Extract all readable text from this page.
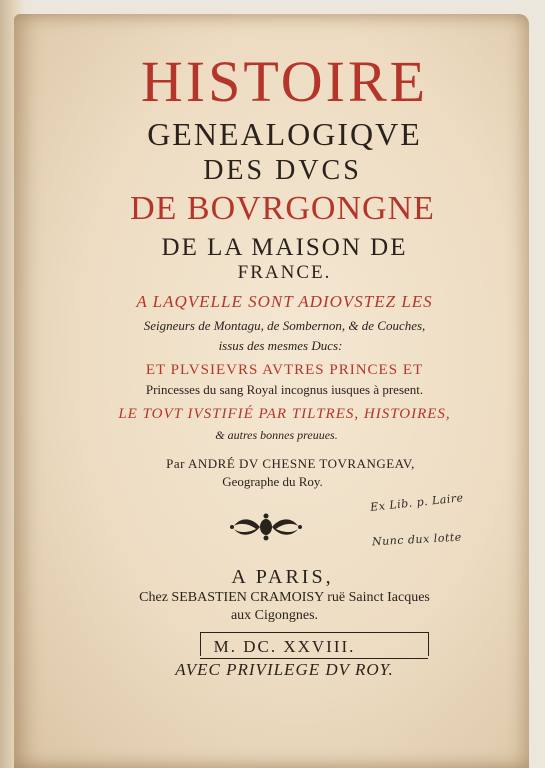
HISTOIRE
GENEALOGIQVE
DES DVCS
DE BOVRGONGNE
DE LA MAISON DE
FRANCE.
A LAQVELLE SONT ADIOVSTEZ LES
Seigneurs de Montagu, de Sombernon, & de Couches,
issus des mesmes Ducs:
ET PLVSIEVRS AVTRES PRINCES ET
Princesses du sang Royal incognus iusques à present.
LE TOVT IVSTIFIÉ PAR TILTRES, HISTOIRES,
& autres bonnes preuues.
Par ANDRÉ DV CHESNE TOVRANGEAV,
Geographe du Roy.
Ex Lib. p. Laire
Nunc dux lotte
A PARIS,
Chez SEBASTIEN CRAMOISY ruë Sainct Iacques
aux Cigongnes.
M. DC. XXVIII.
AVEC PRIVILEGE DV ROY.
